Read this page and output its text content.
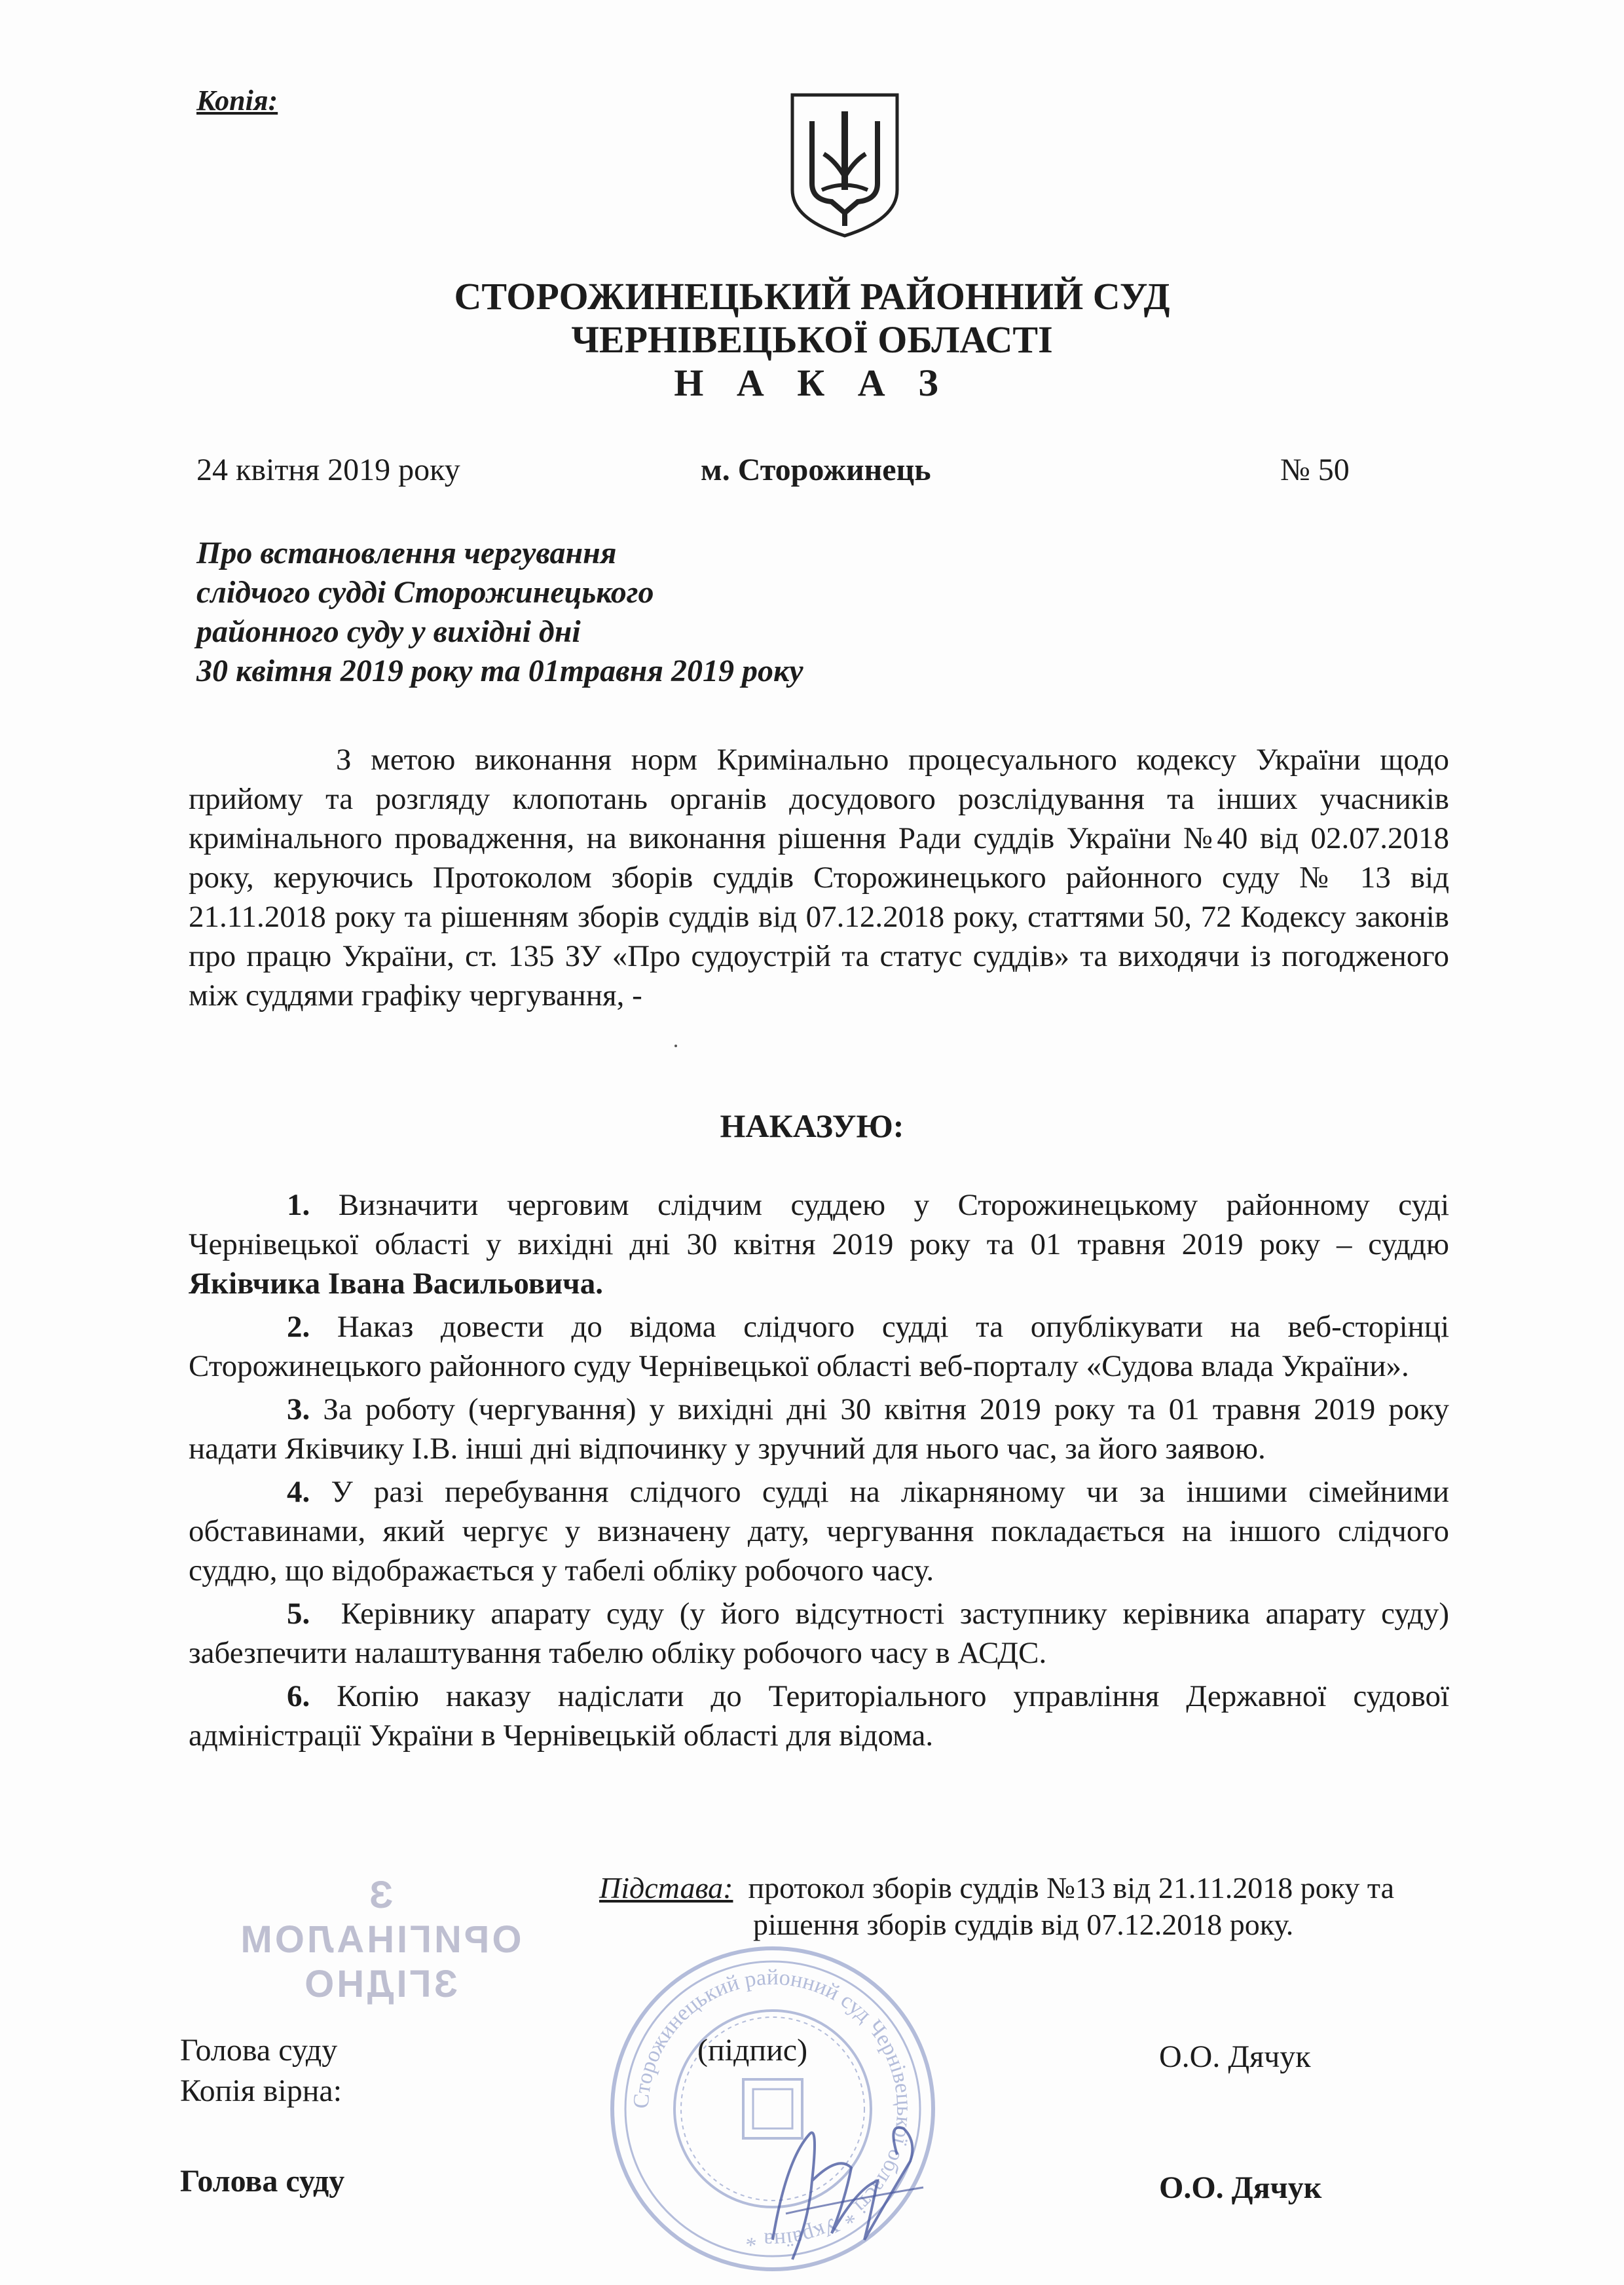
Копія:
СТОРОЖИНЕЦЬКИЙ РАЙОННИЙ СУД
ЧЕРНІВЕЦЬКОЇ ОБЛАСТІ
Н А К А З
24 квітня 2019 року	м. Сторожинець	№ 50
Про встановлення чергування
слідчого судді Сторожинецького
районного суду у вихідні дні
30 квітня 2019 року та 01травня 2019 року
З метою виконання норм Кримінально процесуального кодексу України щодо прийому та розгляду клопотань органів досудового розслідування та інших учасників кримінального провадження, на виконання рішення Ради суддів України №40 від 02.07.2018 року, керуючись Протоколом зборів суддів Сторожинецького районного суду № 13 від 21.11.2018 року та рішенням зборів суддів від 07.12.2018 року, статтями 50, 72 Кодексу законів про працю України, ст. 135 ЗУ «Про судоустрій та статус суддів» та виходячи із погодженого між суддями графіку чергування, -
НАКАЗУЮ:

1. Визначити черговим слідчим суддею у Сторожинецькому районному суді Чернівецької області у вихідні дні 30 квітня 2019 року та 01 травня 2019 року – суддю Яківчика Івана Васильовича.

2. Наказ довести до відома слідчого судді та опублікувати на веб-сторінці Сторожинецького районного суду Чернівецької області веб-порталу «Судова влада України».

3. За роботу (чергування) у вихідні дні 30 квітня 2019 року та 01 травня 2019 року надати Яківчику І.В. інші дні відпочинку у зручний для нього час, за його заявою.

4. У разі перебування слідчого судді на лікарняному чи за іншими сімейними обставинами, який чергує у визначену дату, чергування покладається на іншого слідчого суддю, що відображається у табелі обліку робочого часу.

5. Керівнику апарату суду (у його відсутності заступнику керівника апарату суду) забезпечити налаштування табелю обліку робочого часу в АСДС.

6. Копію наказу надіслати до Територіального управління Державної судової адміністрації України в Чернівецькій області для відома.

З ОРИГІНАЛОМ
ЗГІДНО
Підстава: протокол зборів суддів №13 від 21.11.2018 року та
рішення зборів суддів від 07.12.2018 року.
Сторожинецький районний суд Чернівецької області * Україна *
Голова суду
Копія вірна:
(підпис)	О.О. Дячук
Голова суду	О.О. Дячук
